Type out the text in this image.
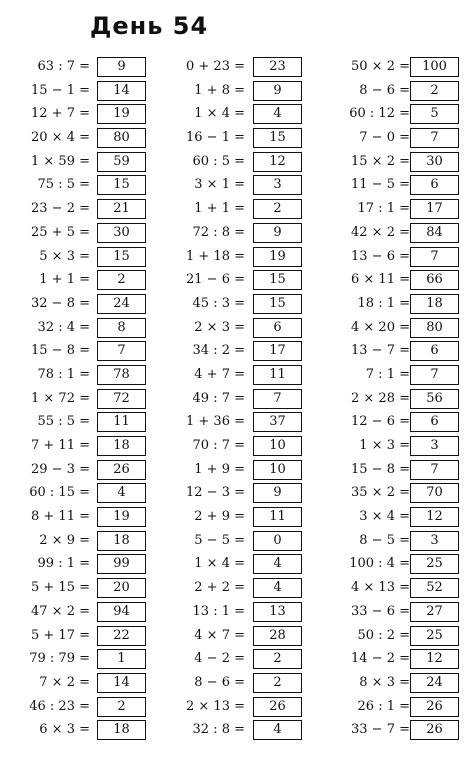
День 54
63 : 7 =	9
15 − 1 =	14
12 + 7 =	19
20 × 4 =	80
1 × 59 =	59
75 : 5 =	15
23 − 2 =	21
25 + 5 =	30
5 × 3 =	15
1 + 1 =	2
32 − 8 =	24
32 : 4 =	8
15 − 8 =	7
78 : 1 =	78
1 × 72 =	72
55 : 5 =	11
7 + 11 =	18
29 − 3 =	26
60 : 15 =	4
8 + 11 =	19
2 × 9 =	18
99 : 1 =	99
5 + 15 =	20
47 × 2 =	94
5 + 17 =	22
79 : 79 =	1
7 × 2 =	14
46 : 23 =	2
6 × 3 =	18
0 + 23 =	23
1 + 8 =	9
1 × 4 =	4
16 − 1 =	15
60 : 5 =	12
3 × 1 =	3
1 + 1 =	2
72 : 8 =	9
1 + 18 =	19
21 − 6 =	15
45 : 3 =	15
2 × 3 =	6
34 : 2 =	17
4 + 7 =	11
49 : 7 =	7
1 + 36 =	37
70 : 7 =	10
1 + 9 =	10
12 − 3 =	9
2 + 9 =	11
5 − 5 =	0
1 × 4 =	4
2 + 2 =	4
13 : 1 =	13
4 × 7 =	28
4 − 2 =	2
8 − 6 =	2
2 × 13 =	26
32 : 8 =	4
50 × 2 = 100
8 − 6 =	2
60 : 12 =	5
7 − 0 =	7
15 × 2 =	30
11 − 5 =	6
17 : 1 =	17
42 × 2 =	84
13 − 6 =	7
6 × 11 =	66
18 : 1 =	18
4 × 20 =	80
13 − 7 =	6
7 : 1 =	7
2 × 28 =	56
12 − 6 =	6
1 × 3 =	3
15 − 8 =	7
35 × 2 =	70
3 × 4 =	12
8 − 5 =	3
100 : 4 =	25
4 × 13 =	52
33 − 6 =	27
50 : 2 =	25
14 − 2 =	12
8 × 3 =	24
26 : 1 =	26
33 − 7 =	26
